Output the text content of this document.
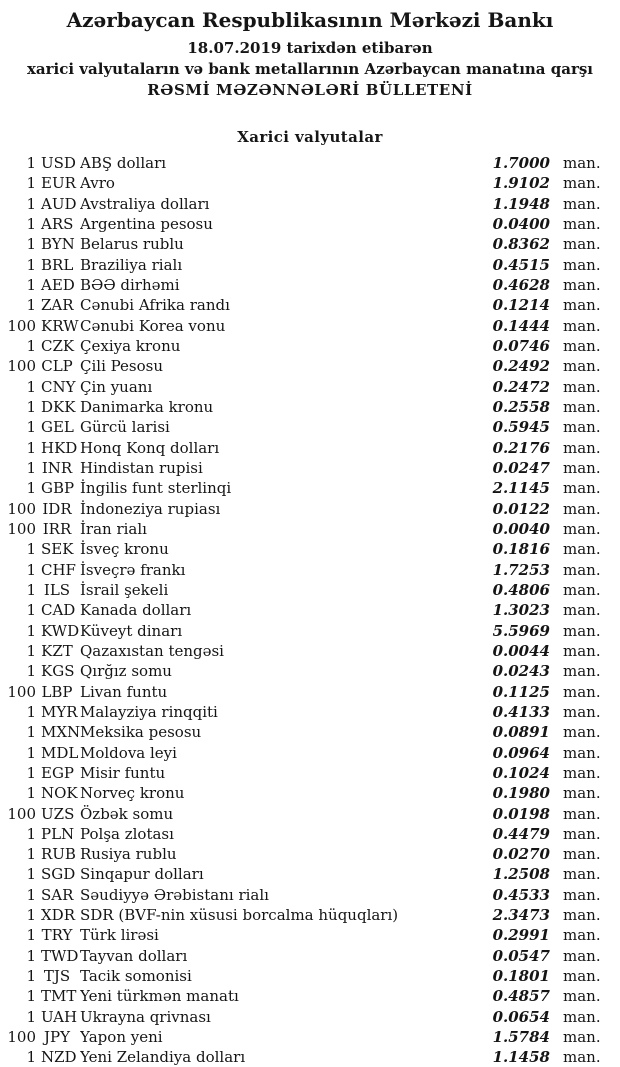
Azərbaycan Respublikasının Mərkəzi Bankı
18.07.2019 tarixdən etibarən
xarici valyutaların və bank metallarının Azərbaycan manatına qarşı
RƏSMİ MƏZƏNNƏLƏRİ BÜLLETENİ
Xarici valyutalar
1 USD ABŞ dolları	1.7000 man.
1 EUR Avro	1.9102 man.
1 AUD Avstraliya dolları	1.1948 man.
1 ARS Argentina pesosu	0.0400 man.
1 BYN Belarus rublu	0.8362 man.
1 BRL Braziliya rialı	0.4515 man.
1 AED BƏƏ dirhəmi	0.4628 man.
1 ZAR Cənubi Afrika randı	0.1214 man.
100 KRW Cənubi Korea vonu	0.1444 man.
1 CZK Çexiya kronu	0.0746 man.
100 CLP Çili Pesosu	0.2492 man.
1 CNY Çin yuanı	0.2472 man.
1 DKK Danimarka kronu	0.2558 man.
1 GEL Gürcü larisi	0.5945 man.
1 HKD Honq Konq dolları	0.2176 man.
1 INR Hindistan rupisi	0.0247 man.
1 GBP İngilis funt sterlinqi	2.1145 man.
100 IDR İndoneziya rupiası	0.0122 man.
100 IRR İran rialı	0.0040 man.
1 SEK İsveç kronu	0.1816 man.
1 CHF İsveçrə frankı	1.7253 man.
1 ILS İsrail şekeli	0.4806 man.
1 CAD Kanada dolları	1.3023 man.
1 KWD Küveyt dinarı	5.5969 man.
1 KZT Qazaxıstan tengəsi	0.0044 man.
1 KGS Qırğız somu	0.0243 man.
100 LBP Livan funtu	0.1125 man.
1 MYR Malayziya rinqqiti	0.4133 man.
1 MXN Meksika pesosu	0.0891 man.
1 MDL Moldova leyi	0.0964 man.
1 EGP Misir funtu	0.1024 man.
1 NOK Norveç kronu	0.1980 man.
100 UZS Özbək somu	0.0198 man.
1 PLN Polşa zlotası	0.4479 man.
1 RUB Rusiya rublu	0.0270 man.
1 SGD Sinqapur dolları	1.2508 man.
1 SAR Səudiyyə Ərəbistanı rialı	0.4533 man.
1 XDR SDR (BVF-nin xüsusi borcalma hüquqları)	2.3473 man.
1 TRY Türk lirəsi	0.2991 man.
1 TWD Tayvan dolları	0.0547 man.
1 TJS Tacik somonisi	0.1801 man.
1 TMT Yeni türkmən manatı	0.4857 man.
1 UAH Ukrayna qrivnası	0.0654 man.
100 JPY Yapon yeni	1.5784 man.
1 NZD Yeni Zelandiya dolları	1.1458 man.
